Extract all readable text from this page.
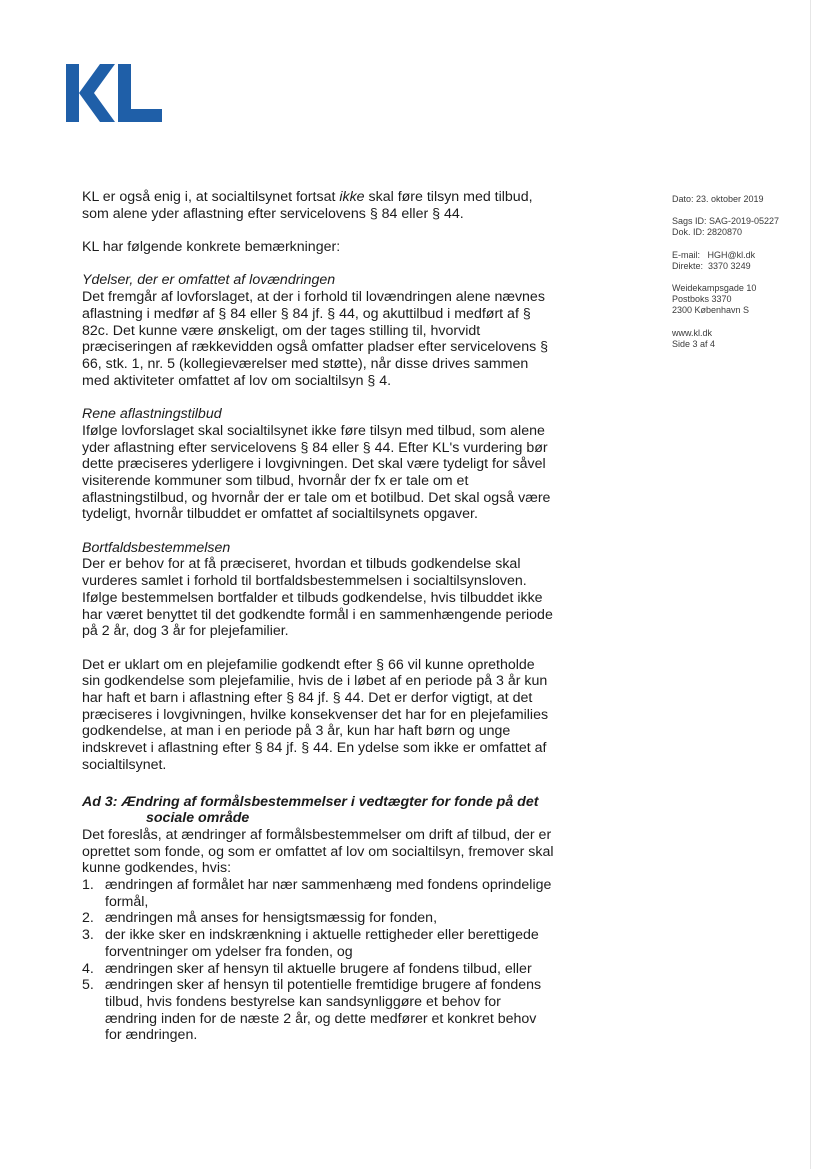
KL er også enig i, at socialtilsynet fortsat ikke skal føre tilsyn med tilbud, som alene yder aflastning efter servicelovens § 84 eller § 44.

KL har følgende konkrete bemærkninger:

Ydelser, der er omfattet af lovændringen

Det fremgår af lovforslaget, at der i forhold til lovændringen alene nævnes aflastning i medfør af § 84 eller § 84 jf. § 44, og akuttilbud i medført af § 82c. Det kunne være ønskeligt, om der tages stilling til, hvorvidt præciseringen af rækkevidden også omfatter pladser efter servicelovens § 66, stk. 1, nr. 5 (kollegieværelser med støtte), når disse drives sammen med aktiviteter omfattet af lov om socialtilsyn § 4.

Rene aflastningstilbud

Ifølge lovforslaget skal socialtilsynet ikke føre tilsyn med tilbud, som alene yder aflastning efter servicelovens § 84 eller § 44. Efter KL's vurdering bør dette præciseres yderligere i lovgivningen. Det skal være tydeligt for såvel visiterende kommuner som tilbud, hvornår der fx er tale om et aflastningstilbud, og hvornår der er tale om et botilbud. Det skal også være tydeligt, hvornår tilbuddet er omfattet af socialtilsynets opgaver.

Bortfaldsbestemmelsen

Der er behov for at få præciseret, hvordan et tilbuds godkendelse skal vurderes samlet i forhold til bortfaldsbestemmelsen i socialtilsynsloven. Ifølge bestemmelsen bortfalder et tilbuds godkendelse, hvis tilbuddet ikke har været benyttet til det godkendte formål i en sammenhængende periode på 2 år, dog 3 år for plejefamilier.

Det er uklart om en plejefamilie godkendt efter § 66 vil kunne opretholde sin godkendelse som plejefamilie, hvis de i løbet af en periode på 3 år kun har haft et barn i aflastning efter § 84 jf. § 44. Det er derfor vigtigt, at det præciseres i lovgivningen, hvilke konsekvenser det har for en plejefamilies godkendelse, at man i en periode på 3 år, kun har haft børn og unge indskrevet i aflastning efter § 84 jf. § 44. En ydelse som ikke er omfattet af socialtilsynet.

Ad 3: Ændring af formålsbestemmelser i vedtægter for fonde på det
sociale område

Det foreslås, at ændringer af formålsbestemmelser om drift af tilbud, der er oprettet som fonde, og som er omfattet af lov om socialtilsyn, fremover skal kunne godkendes, hvis:

1. ændringen af formålet har nær sammenhæng med fondens oprindelige formål,
2. ændringen må anses for hensigtsmæssig for fonden,
3. der ikke sker en indskrænkning i aktuelle rettigheder eller berettigede forventninger om ydelser fra fonden, og
4. ændringen sker af hensyn til aktuelle brugere af fondens tilbud, eller
5. ændringen sker af hensyn til potentielle fremtidige brugere af fondens tilbud, hvis fondens bestyrelse kan sandsynliggøre et behov for ændring inden for de næste 2 år, og dette medfører et konkret behov for ændringen.
Dato: 23. oktober 2019
Sags ID: SAG-2019-05227
Dok. ID: 2820870
E-mail: HGH@kl.dk
Direkte: 3370 3249
Weidekampsgade 10
Postboks 3370
2300 København S
www.kl.dk
Side 3 af 4
